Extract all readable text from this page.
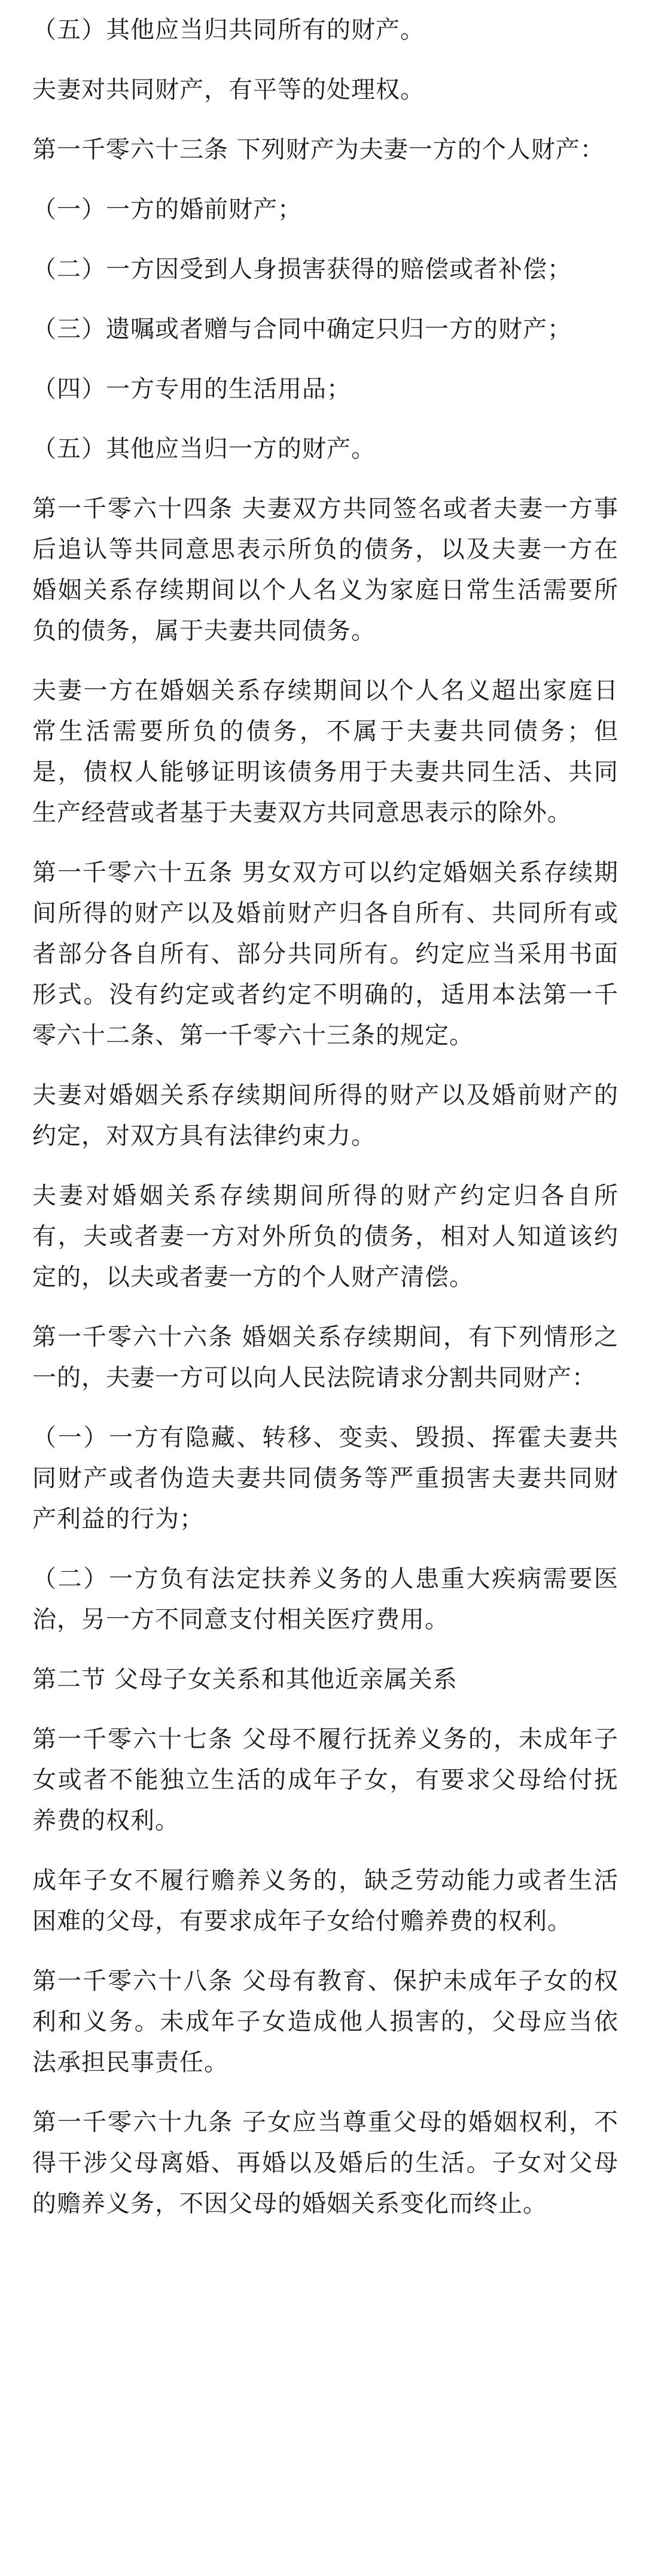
（五）其他应当归共同所有的财产。

夫妻对共同财产，有平等的处理权。

第一千零六十三条 下列财产为夫妻一方的个人财产：

（一）一方的婚前财产；

（二）一方因受到人身损害获得的赔偿或者补偿；

（三）遗嘱或者赠与合同中确定只归一方的财产；

（四）一方专用的生活用品；

（五）其他应当归一方的财产。

第一千零六十四条 夫妻双方共同签名或者夫妻一方事后追认等共同意思表示所负的债务，以及夫妻一方在婚姻关系存续期间以个人名义为家庭日常生活需要所负的债务，属于夫妻共同债务。

夫妻一方在婚姻关系存续期间以个人名义超出家庭日常生活需要所负的债务，不属于夫妻共同债务；但是，债权人能够证明该债务用于夫妻共同生活、共同生产经营或者基于夫妻双方共同意思表示的除外。

第一千零六十五条 男女双方可以约定婚姻关系存续期间所得的财产以及婚前财产归各自所有、共同所有或者部分各自所有、部分共同所有。约定应当采用书面形式。没有约定或者约定不明确的，适用本法第一千零六十二条、第一千零六十三条的规定。

夫妻对婚姻关系存续期间所得的财产以及婚前财产的约定，对双方具有法律约束力。

夫妻对婚姻关系存续期间所得的财产约定归各自所有，夫或者妻一方对外所负的债务，相对人知道该约定的，以夫或者妻一方的个人财产清偿。

第一千零六十六条 婚姻关系存续期间，有下列情形之一的，夫妻一方可以向人民法院请求分割共同财产：

（一）一方有隐藏、转移、变卖、毁损、挥霍夫妻共同财产或者伪造夫妻共同债务等严重损害夫妻共同财产利益的行为；

（二）一方负有法定扶养义务的人患重大疾病需要医治，另一方不同意支付相关医疗费用。

第二节 父母子女关系和其他近亲属关系

第一千零六十七条 父母不履行抚养义务的，未成年子女或者不能独立生活的成年子女，有要求父母给付抚养费的权利。

成年子女不履行赡养义务的，缺乏劳动能力或者生活困难的父母，有要求成年子女给付赡养费的权利。

第一千零六十八条 父母有教育、保护未成年子女的权利和义务。未成年子女造成他人损害的，父母应当依法承担民事责任。

第一千零六十九条 子女应当尊重父母的婚姻权利，不得干涉父母离婚、再婚以及婚后的生活。子女对父母的赡养义务，不因父母的婚姻关系变化而终止。
